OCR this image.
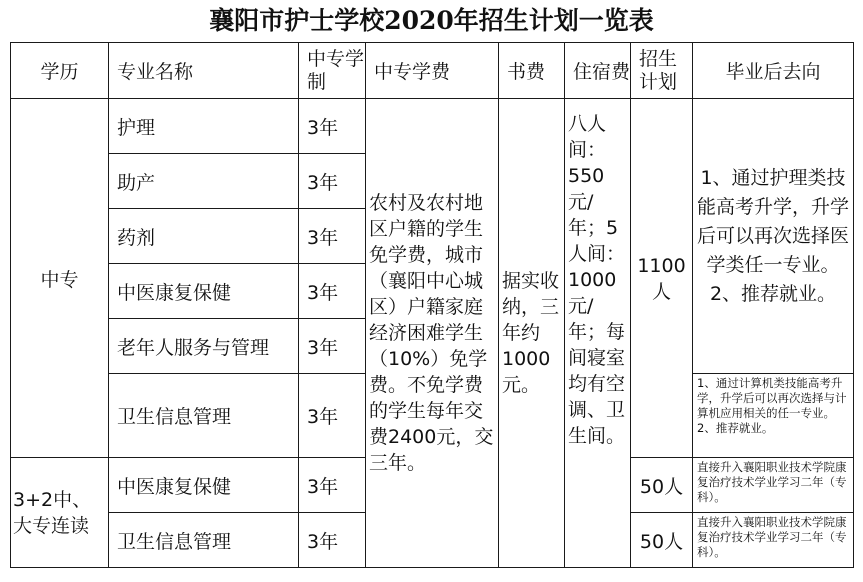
襄阳市护士学校2020年招生计划一览表
学历	专业名称	中专学制	中专学费	书费	住宿费	招生计划	毕业后去向
中专	护理	3年	农村及农村地区户籍的学生免学费，城市（襄阳中心城区）户籍家庭经济困难学生（10%）免学费。不免学费的学生每年交费2400元，交三年。	据实收纳，三年约1000元。	八人间：550元/年；5人间：1000元/年；每间寝室均有空调、卫生间。	1100人	1、通过护理类技能高考升学，升学后可以再次选择医学类任一专业。
2、推荐就业。
	助产	3年					
	药剂	3年					
	中医康复保健	3年					
	老年人服务与管理	3年					
	卫生信息管理	3年					1、通过计算机类技能高考升学，升学后可以再次选择与计算机应用相关的任一专业。
2、推荐就业。
3+2中、大专连读	中医康复保健	3年				50人	直接升入襄阳职业技术学院康复治疗技术学业学习二年（专科）。
	卫生信息管理	3年				50人	直接升入襄阳职业技术学院康复治疗技术学业学习二年（专科）。
